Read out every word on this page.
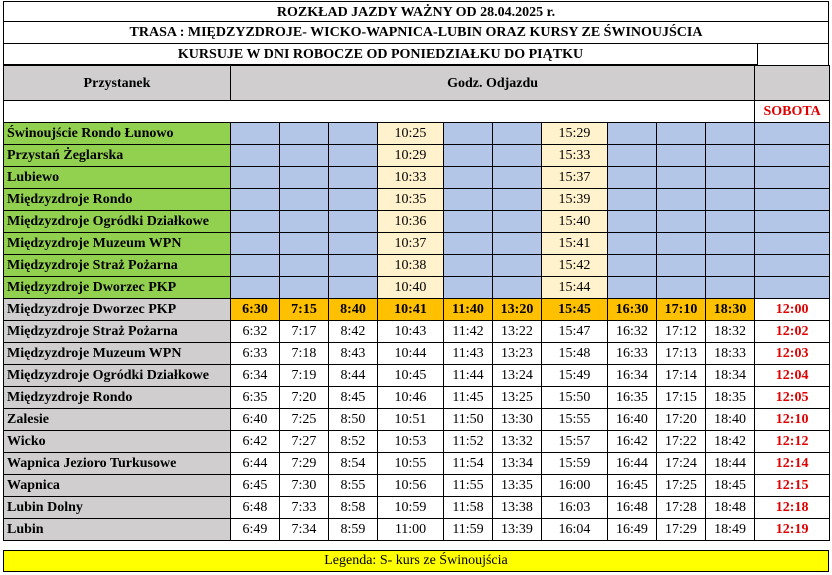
ROZKŁAD JAZDY WAŻNY OD 28.04.2025 r.
TRASA : MIĘDZYZDROJE- WICKO-WAPNICA-LUBIN ORAZ KURSY ZE ŚWINOUJŚCIA
KURSUJE W DNI ROBOCZE OD PONIEDZIAŁKU DO PIĄTKU
Przystanek	Godz. Odjazdu										
											SOBOTA
Świnoujście Rondo Łunowo				10:25			15:29				
Przystań Żeglarska				10:29			15:33				
Lubiewo				10:33			15:37				
Międzyzdroje Rondo				10:35			15:39				
Międzyzdroje Ogródki Działkowe				10:36			15:40				
Międzyzdroje Muzeum WPN				10:37			15:41				
Międzyzdroje Straż Pożarna				10:38			15:42				
Międzyzdroje Dworzec PKP				10:40			15:44				
Międzyzdroje Dworzec PKP	6:30	7:15	8:40	10:41	11:40	13:20	15:45	16:30	17:10	18:30	12:00
Międzyzdroje Straż Pożarna	6:32	7:17	8:42	10:43	11:42	13:22	15:47	16:32	17:12	18:32	12:02
Międzyzdroje Muzeum WPN	6:33	7:18	8:43	10:44	11:43	13:23	15:48	16:33	17:13	18:33	12:03
Międzyzdroje Ogródki Działkowe	6:34	7:19	8:44	10:45	11:44	13:24	15:49	16:34	17:14	18:34	12:04
Międzyzdroje Rondo	6:35	7:20	8:45	10:46	11:45	13:25	15:50	16:35	17:15	18:35	12:05
Zalesie	6:40	7:25	8:50	10:51	11:50	13:30	15:55	16:40	17:20	18:40	12:10
Wicko	6:42	7:27	8:52	10:53	11:52	13:32	15:57	16:42	17:22	18:42	12:12
Wapnica Jezioro Turkusowe	6:44	7:29	8:54	10:55	11:54	13:34	15:59	16:44	17:24	18:44	12:14
Wapnica	6:45	7:30	8:55	10:56	11:55	13:35	16:00	16:45	17:25	18:45	12:15
Lubin Dolny	6:48	7:33	8:58	10:59	11:58	13:38	16:03	16:48	17:28	18:48	12:18
Lubin	6:49	7:34	8:59	11:00	11:59	13:39	16:04	16:49	17:29	18:49	12:19
Legenda: S- kurs ze Świnoujścia
